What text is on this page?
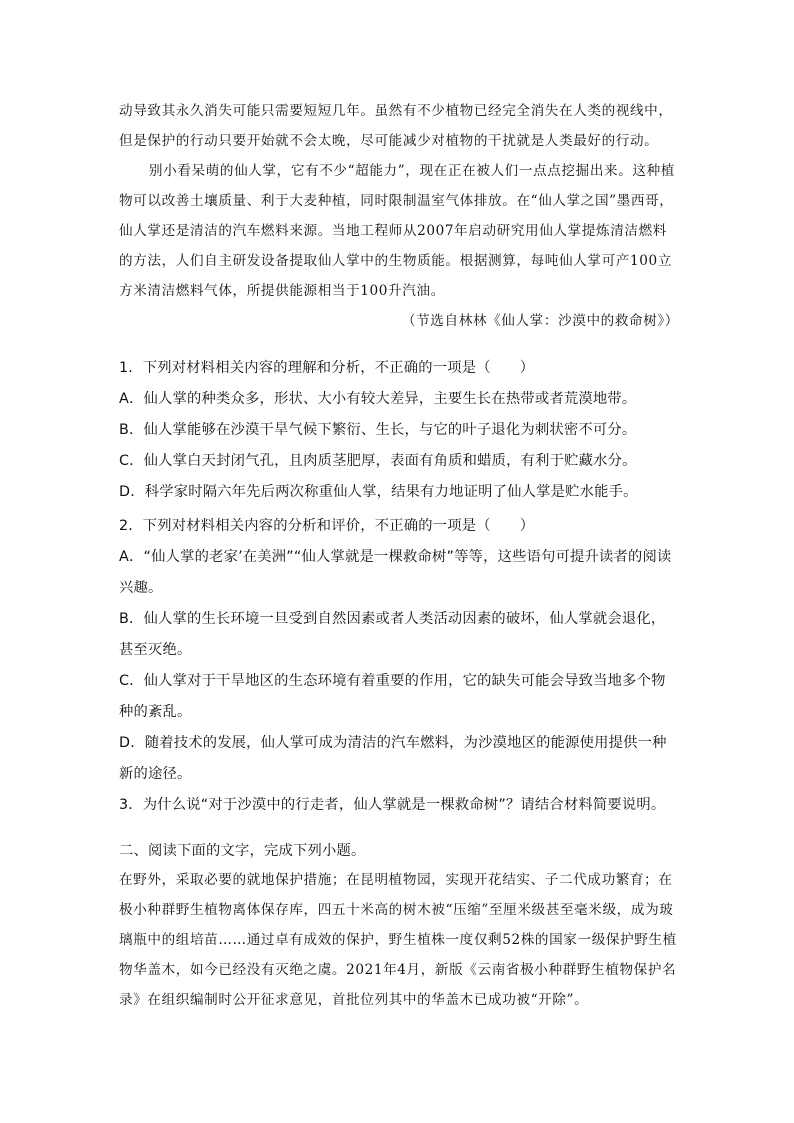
动导致其永久消失可能只需要短短几年。虽然有不少植物已经完全消失在人类的视线中，但是保护的行动只要开始就不会太晚，尽可能减少对植物的干扰就是人类最好的行动。

别小看呆萌的仙人掌，它有不少“超能力”，现在正在被人们一点点挖掘出来。这种植物可以改善土壤质量、利于大麦种植，同时限制温室气体排放。在“仙人掌之国”墨西哥，仙人掌还是清洁的汽车燃料来源。当地工程师从2007年启动研究用仙人掌提炼清洁燃料的方法，人们自主研发设备提取仙人掌中的生物质能。根据测算，每吨仙人掌可产100立方米清洁燃料气体，所提供能源相当于100升汽油。

（节选自林林《仙人掌：沙漠中的救命树》）

1．下列对材料相关内容的理解和分析，不正确的一项是（　　）

A．仙人掌的种类众多，形状、大小有较大差异，主要生长在热带或者荒漠地带。

B．仙人掌能够在沙漠干旱气候下繁衍、生长，与它的叶子退化为刺状密不可分。

C．仙人掌白天封闭气孔，且肉质茎肥厚，表面有角质和蜡质，有利于贮藏水分。

D．科学家时隔六年先后两次称重仙人掌，结果有力地证明了仙人掌是贮水能手。

2．下列对材料相关内容的分析和评价，不正确的一项是（　　）

A．“仙人掌的老家’在美洲”“仙人掌就是一棵救命树”等等，这些语句可提升读者的阅读兴趣。

B．仙人掌的生长环境一旦受到自然因素或者人类活动因素的破坏，仙人掌就会退化，甚至灭绝。

C．仙人掌对于干旱地区的生态环境有着重要的作用，它的缺失可能会导致当地多个物种的紊乱。

D．随着技术的发展，仙人掌可成为清洁的汽车燃料，为沙漠地区的能源使用提供一种新的途径。

3．为什么说“对于沙漠中的行走者，仙人掌就是一棵救命树”？请结合材料简要说明。

二、阅读下面的文字，完成下列小题。

在野外，采取必要的就地保护措施；在昆明植物园，实现开花结实、子二代成功繁育；在极小种群野生植物离体保存库，四五十米高的树木被“压缩”至厘米级甚至毫米级，成为玻璃瓶中的组培苗……通过卓有成效的保护，野生植株一度仅剩52株的国家一级保护野生植物华盖木，如今已经没有灭绝之虞。2021年4月，新版《云南省极小种群野生植物保护名录》在组织编制时公开征求意见，首批位列其中的华盖木已成功被“开除”。
